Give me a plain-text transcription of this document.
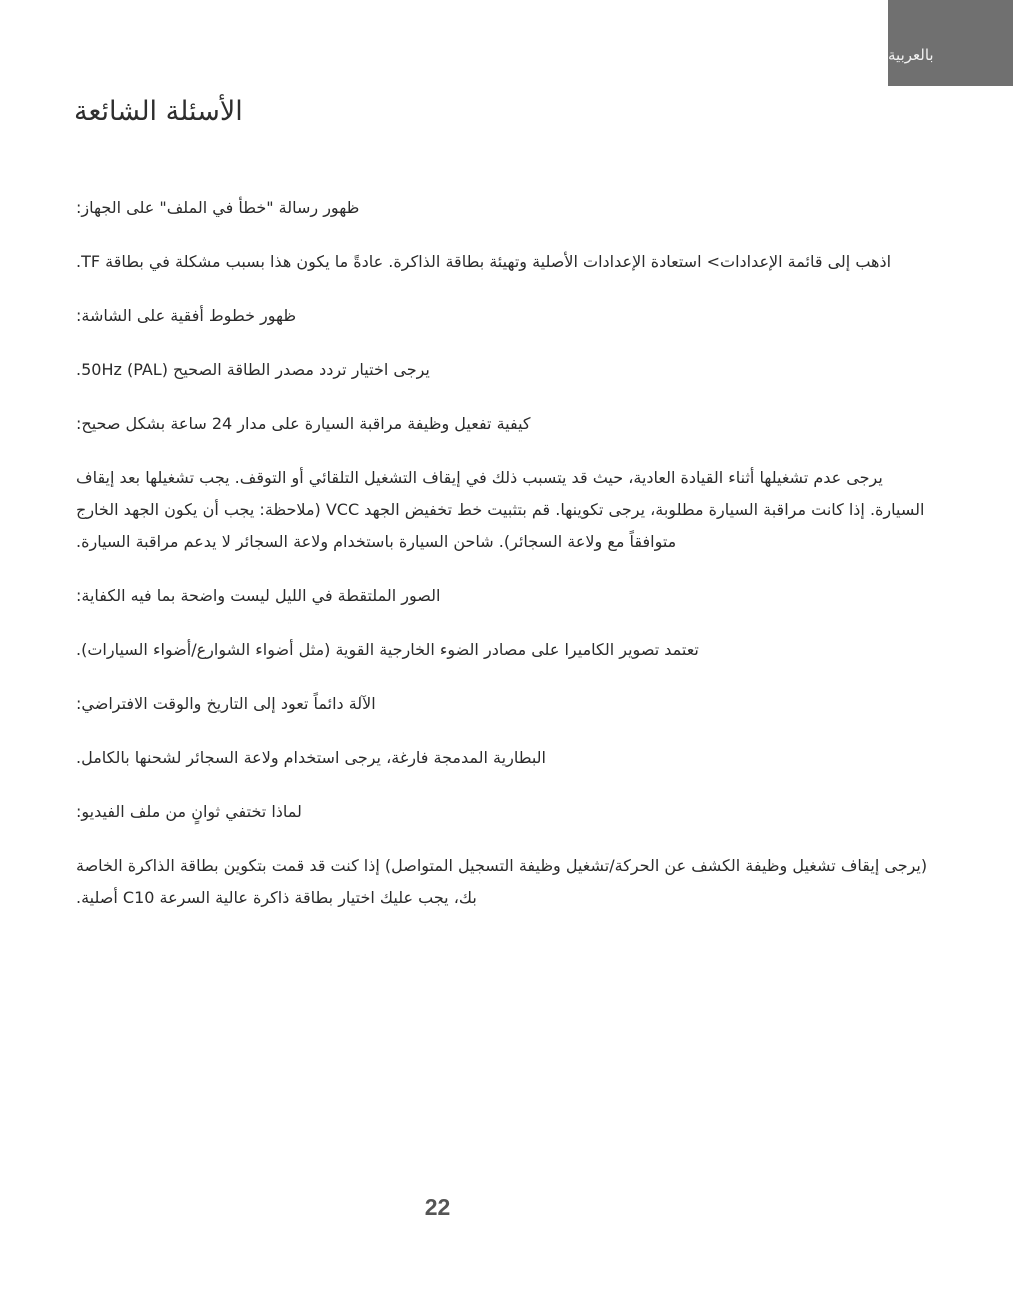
بالعربية
الأسئلة الشائعة

ظهور رسالة "خطأ في الملف" على الجهاز:

اذهب إلى قائمة الإعدادات> استعادة الإعدادات الأصلية وتهيئة بطاقة الذاكرة. عادةً ما يكون هذا بسبب مشكلة في بطاقة TF.

ظهور خطوط أفقية على الشاشة:

يرجى اختيار تردد مصدر الطاقة الصحيح 50Hz (PAL).

كيفية تفعيل وظيفة مراقبة السيارة على مدار 24 ساعة بشكل صحيح:

يرجى عدم تشغيلها أثناء القيادة العادية، حيث قد يتسبب ذلك في إيقاف التشغيل التلقائي أو التوقف. يجب تشغيلها بعد إيقاف السيارة. إذا كانت مراقبة السيارة مطلوبة، يرجى تكوينها. قم بتثبيت خط تخفيض الجهد VCC (ملاحظة: يجب أن يكون الجهد الخارج متوافقاً مع ولاعة السجائر). شاحن السيارة باستخدام ولاعة السجائر لا يدعم مراقبة السيارة.

الصور الملتقطة في الليل ليست واضحة بما فيه الكفاية:

تعتمد تصوير الكاميرا على مصادر الضوء الخارجية القوية (مثل أضواء الشوارع/أضواء السيارات).

الآلة دائماً تعود إلى التاريخ والوقت الافتراضي:

البطارية المدمجة فارغة، يرجى استخدام ولاعة السجائر لشحنها بالكامل.

لماذا تختفي ثوانٍ من ملف الفيديو:

(يرجى إيقاف تشغيل وظيفة الكشف عن الحركة/تشغيل وظيفة التسجيل المتواصل) إذا كنت قد قمت بتكوين بطاقة الذاكرة الخاصة بك، يجب عليك اختيار بطاقة ذاكرة عالية السرعة C10 أصلية.

22
